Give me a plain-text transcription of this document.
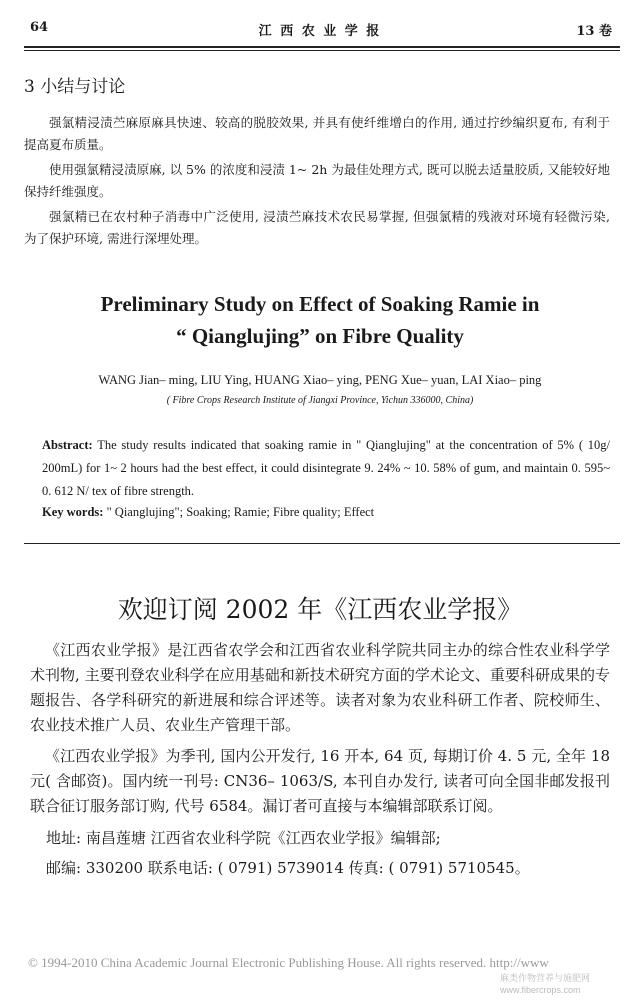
64	江 西 农 业 学 报	13 卷
3 小结与讨论
强氯精浸渍苎麻原麻具快速、较高的脱胶效果, 并具有使纤维增白的作用, 通过拧纱编织夏布, 有利于提高夏布质量。
使用强氯精浸渍原麻, 以 5% 的浓度和浸渍 1~ 2h 为最佳处理方式, 既可以脱去适量胶质, 又能较好地保持纤维强度。
强氯精已在农村种子消毒中广泛使用, 浸渍苎麻技术农民易掌握, 但强氯精的残液对环境有轻微污染, 为了保护环境, 需进行深埋处理。
Preliminary Study on Effect of Soaking Ramie in
“ Qianglujing” on Fibre Quality
WANG Jian– ming, LIU Ying, HUANG Xiao– ying, PENG Xue– yuan, LAI Xiao– ping
( Fibre Crops Research Institute of Jiangxi Province, Yichun 336000, China)
Abstract: The study results indicated that soaking ramie in " Qianglujing" at the concentration of 5% ( 10g/ 200mL) for 1~ 2 hours had the best effect, it could disintegrate 9. 24% ~ 10. 58% of gum, and maintain 0. 595~ 0. 612 N/ tex of fibre strength.
Key words: " Qianglujing"; Soaking; Ramie; Fibre quality; Effect
欢迎订阅 2002 年《江西农业学报》
《江西农业学报》是江西省农学会和江西省农业科学院共同主办的综合性农业科学学术刊物, 主要刊登农业科学在应用基础和新技术研究方面的学术论文、重要科研成果的专题报告、各学科研究的新进展和综合评述等。读者对象为农业科研工作者、院校师生、农业技术推广人员、农业生产管理干部。
《江西农业学报》为季刊, 国内公开发行, 16 开本, 64 页, 每期订价 4. 5 元, 全年 18 元( 含邮资)。国内统一刊号: CN36– 1063/S, 本刊自办发行, 读者可向全国非邮发报刊联合征订服务部订购, 代号 6584。漏订者可直接与本编辑部联系订阅。
地址: 南昌莲塘 江西省农业科学院《江西农业学报》编辑部;
邮编: 330200 联系电话: ( 0791) 5739014 传真: ( 0791) 5710545。
© 1994-2010 China Academic Journal Electronic Publishing House. All rights reserved. http://www
麻类作物营养与施肥网
www.fibercrops.com
